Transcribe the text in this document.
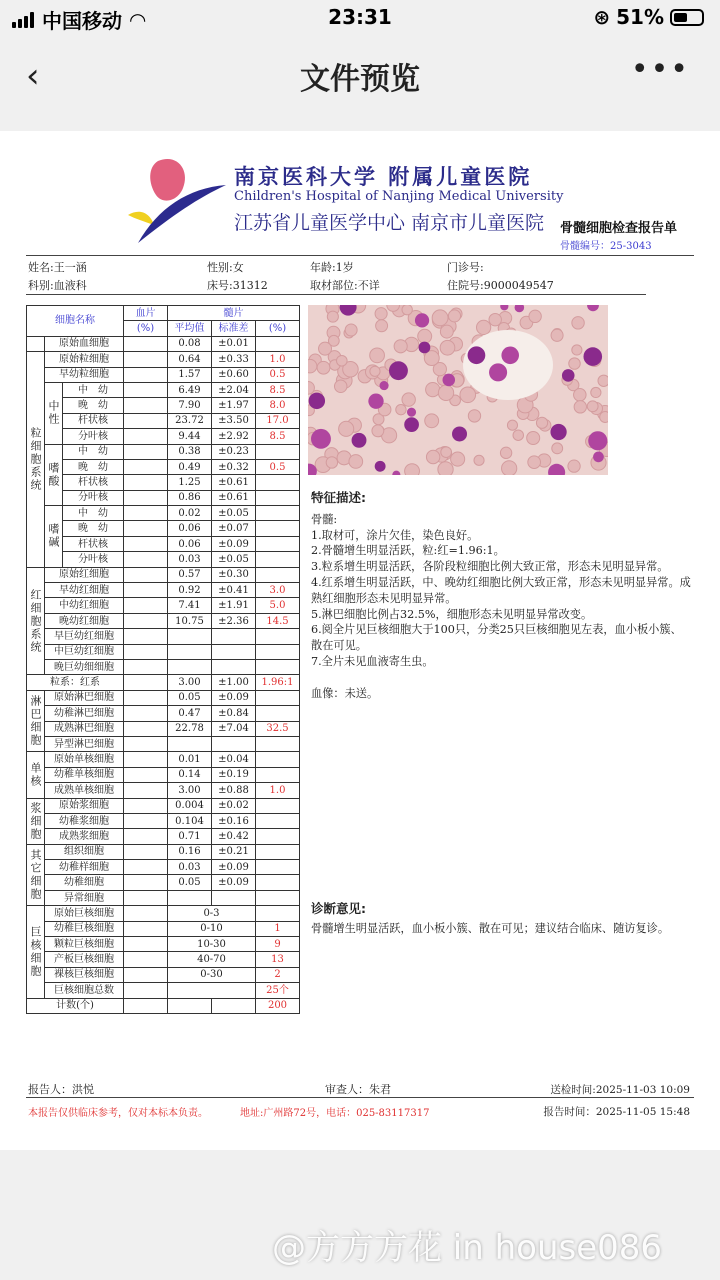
中国移动 ◠	23:31	⊛ 51%
‹	文件预览	•••
南京医科大学 附属儿童医院
Children's Hospital of Nanjing Medical University
江苏省儿童医学中心 南京市儿童医院 骨髓细胞检查报告单
骨髓编号：25-3043
姓名:王一涵	性别:女	年龄:1岁	门诊号:
科别:血液科	床号:31312	取材部位:不详	住院号:9000049547
细胞名称			血片	髓片		
			(%)	平均值	标准差	(%)
	原始血细胞			0.08	±0.01	
粒细胞系统	原始粒细胞			0.64	±0.33	1.0
	早幼粒细胞			1.57	±0.60	0.5
	中性	中　幼		6.49	±2.04	8.5
		晚　幼		7.90	±1.97	8.0
		杆状核		23.72	±3.50	17.0
		分叶核		9.44	±2.92	8.5
	嗜酸	中　幼		0.38	±0.23	
		晚　幼		0.49	±0.32	0.5
		杆状核		1.25	±0.61	
		分叶核		0.86	±0.61	
	嗜碱	中　幼		0.02	±0.05	
		晚　幼		0.06	±0.07	
		杆状核		0.06	±0.09	
		分叶核		0.03	±0.05	
红细胞系统	原始红细胞			0.57	±0.30	
	早幼红细胞			0.92	±0.41	3.0
	中幼红细胞			7.41	±1.91	5.0
	晚幼红细胞			10.75	±2.36	14.5
	早巨幼红细胞					
	中巨幼红细胞					
	晚巨幼细细胞					
粒系：红系				3.00	±1.00	1.96:1
淋巴细胞	原始淋巴细胞			0.05	±0.09	
	幼稚淋巴细胞			0.47	±0.84	
	成熟淋巴细胞			22.78	±7.04	32.5
	异型淋巴细胞					
单核	原始单核细胞			0.01	±0.04	
	幼稚单核细胞			0.14	±0.19	
	成熟单核细胞			3.00	±0.88	1.0
浆细胞	原始浆细胞			0.004	±0.02	
	幼稚浆细胞			0.104	±0.16	
	成熟浆细胞			0.71	±0.42	
其它细胞	组织细胞			0.16	±0.21	
	幼稚样细胞			0.03	±0.09	
	幼稚细胞			0.05	±0.09	
	异常细胞					
巨核细胞	原始巨核细胞			0-3		
	幼稚巨核细胞			0-10		1
	颗粒巨核细胞			10-30		9
	产板巨核细胞			40-70		13
	裸核巨核细胞			0-30		2
	巨核细胞总数					25个
计数(个)						200
特征描述:
骨髓:
1.取材可，涂片欠佳，染色良好。
2.骨髓增生明显活跃，粒:红=1.96:1。
3.粒系增生明显活跃，各阶段粒细胞比例大致正常，形态未见明显异常。
4.红系增生明显活跃，中、晚幼红细胞比例大致正常，形态未见明显异常。成熟红细胞形态未见明显异常。
5.淋巴细胞比例占32.5%，细胞形态未见明显异常改变。
6.阅全片见巨核细胞大于100只，分类25只巨核细胞见左表，血小板小簇、散在可见。
7.全片未见血液寄生虫。
血像：未送。
诊断意见:
骨髓增生明显活跃，血小板小簇、散在可见；建议结合临床、随访复诊。
报告人：洪悦	审查人：朱君	送检时间:2025-11-03 10:09
本报告仅供临床参考，仅对本标本负责。	地址:广州路72号，电话：025-83117317	报告时间：2025-11-05 15:48
@方方方花 in house086
